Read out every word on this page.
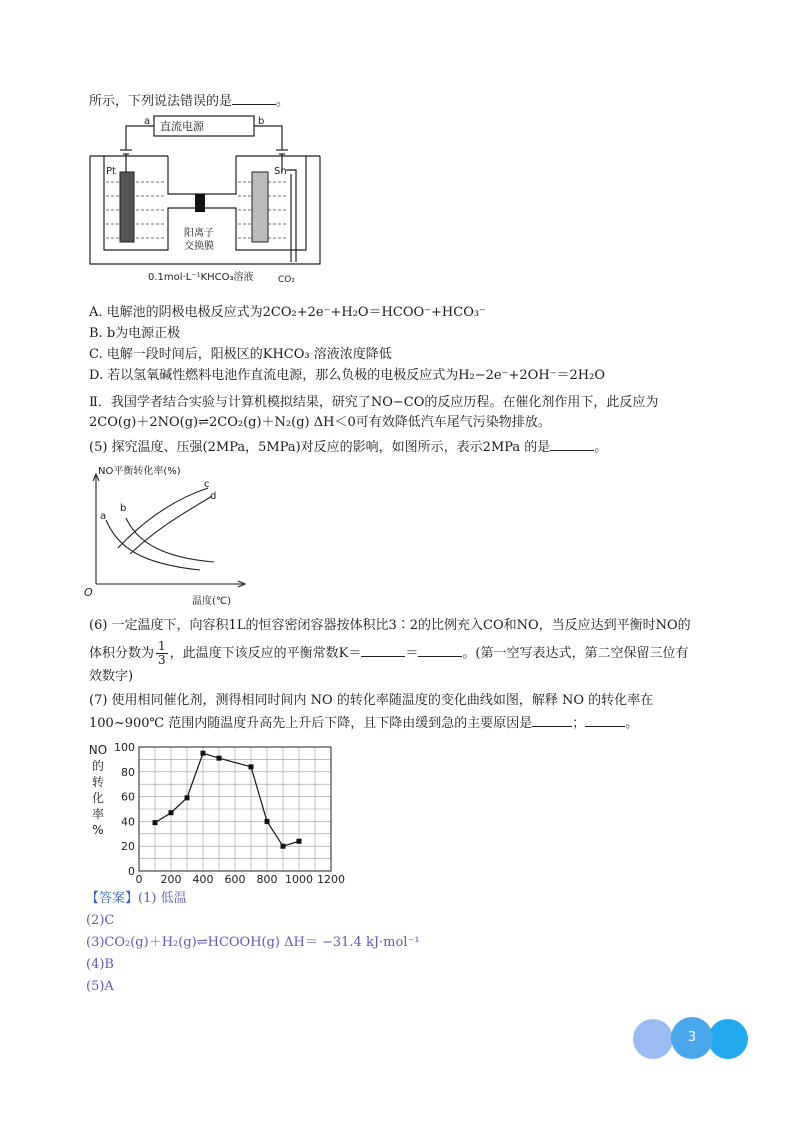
所示，下列说法错误的是	。
直流电源
a	b
Pt	Sn
阳离子
交换膜
0.1mol·L⁻¹KHCO₃溶液	CO₂
A. 电解池的阴极电极反应式为2CO₂+2e⁻+H₂O＝HCOO⁻+HCO₃⁻
B. b为电源正极
C. 电解一段时间后，阳极区的KHCO₃ 溶液浓度降低
D. 若以氢氧碱性燃料电池作直流电源，那么负极的电极反应式为H₂−2e⁻+2OH⁻＝2H₂O
Ⅱ．我国学者结合实验与计算机模拟结果，研究了NO−CO的反应历程。在催化剂作用下，此反应为
2CO(g)＋2NO(g)⇌2CO₂(g)＋N₂(g) ΔH＜0可有效降低汽车尾气污染物排放。
(5) 探究温度、压强(2MPa，5MPa)对反应的影响，如图所示，表示2MPa 的是	。
NO平衡转化率(%)
温度(℃)
O
a
b
c
d
(6) 一定温度下，向容积1L的恒容密闭容器按体积比3∶2的比例充入CO和NO，当反应达到平衡时NO的
体积分数为 $\frac{1}{3}$ ，此温度下该反应的平衡常数K＝	＝	。(第一空写表达式，第二空保留三位有
效数字)
(7) 使用相同催化剂，测得相同时间内 NO 的转化率随温度的变化曲线如图，解释 NO 的转化率在
100~900℃ 范围内随温度升高先上升后下降，且下降由缓到急的主要原因是	；	。
NO
的
转
化
率
%
0 200 400 600 800 1000 1200
0
20
40
60
80
100
【答案】(1) 低温
(2)C
(3)CO₂(g)＋H₂(g)⇌HCOOH(g) ΔH＝ −31.4 kJ·mol⁻¹
(4)B
(5)A
3
